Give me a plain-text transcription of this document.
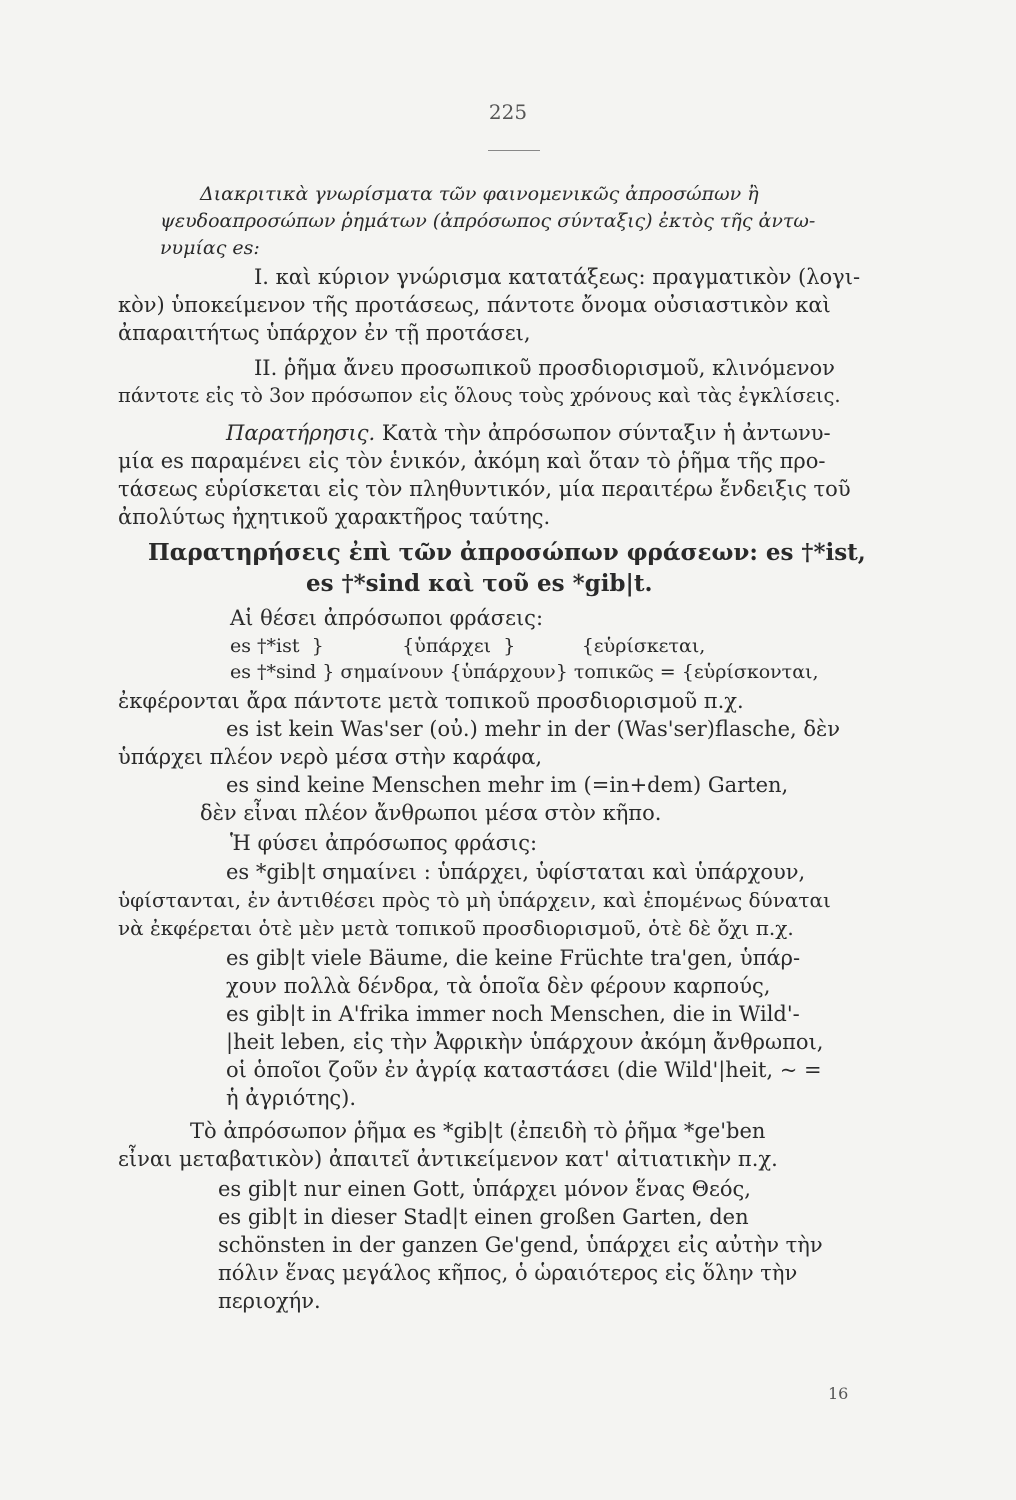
225
Διακριτικὰ γνωρίσματα τῶν φαινομενικῶς ἀπροσώπων ἢ
ψευδοαπροσώπων ῥημάτων (ἀπρόσωπος σύνταξις) ἐκτὸς τῆς ἀντω-
νυμίας es:
I. καὶ κύριον γνώρισμα κατατάξεως: πραγματικὸν (λογι-
κὸν) ὑποκείμενον τῆς προτάσεως, πάντοτε ὄνομα οὐσιαστικὸν καὶ
ἀπαραιτήτως ὑπάρχον ἐν τῇ προτάσει,
II. ῥῆμα ἄνευ προσωπικοῦ προσδιορισμοῦ, κλινόμενον
πάντοτε εἰς τὸ 3ον πρόσωπον εἰς ὅλους τοὺς χρόνους καὶ τὰς ἐγκλίσεις.
Παρατήρησις. Κατὰ τὴν ἀπρόσωπον σύνταξιν ἡ ἀντωνυ-
μία es παραμένει εἰς τὸν ἑνικόν, ἀκόμη καὶ ὅταν τὸ ῥῆμα τῆς προ-
τάσεως εὑρίσκεται εἰς τὸν πληθυντικόν, μία περαιτέρω ἔνδειξις τοῦ
ἀπολύτως ἠχητικοῦ χαρακτῆρος ταύτης.
Παρατηρήσεις ἐπὶ τῶν ἀπροσώπων φράσεων: es †*ist,
es †*sind καὶ τοῦ es *gib|t.
Αἱ θέσει ἀπρόσωποι φράσεις:
es †*ist  }             {ὑπάρχει  }           {εὑρίσκεται,
es †*sind } σημαίνουν {ὑπάρχουν} τοπικῶς = {εὑρίσκονται,
ἐκφέρονται ἄρα πάντοτε μετὰ τοπικοῦ προσδιορισμοῦ π.χ.
es ist kein Was'ser (οὐ.) mehr in der (Was'ser)flasche, δὲν
ὑπάρχει πλέον νερὸ μέσα στὴν καράφα,
es sind keine Menschen mehr im (=in+dem) Garten,
δὲν εἶναι πλέον ἄνθρωποι μέσα στὸν κῆπο.
Ἡ φύσει ἀπρόσωπος φράσις:
es *gib|t σημαίνει : ὑπάρχει, ὑφίσταται καὶ ὑπάρχουν,
ὑφίστανται, ἐν ἀντιθέσει πρὸς τὸ μὴ ὑπάρχειν, καὶ ἑπομένως δύναται
νὰ ἐκφέρεται ὁτὲ μὲν μετὰ τοπικοῦ προσδιορισμοῦ, ὁτὲ δὲ ὄχι π.χ.
es gib|t viele Bäume, die keine Früchte tra'gen, ὑπάρ-
χουν πολλὰ δένδρα, τὰ ὁποῖα δὲν φέρουν καρπούς,
es gib|t in A'frika immer noch Menschen, die in Wild'-
|heit leben, εἰς τὴν Ἀφρικὴν ὑπάρχουν ἀκόμη ἄνθρωποι,
οἱ ὁποῖοι ζοῦν ἐν ἀγρίᾳ καταστάσει (die Wild'|heit, ~ =
ἡ ἀγριότης).
Τὸ ἀπρόσωπον ῥῆμα es *gib|t (ἐπειδὴ τὸ ῥῆμα *ge'ben
εἶναι μεταβατικὸν) ἀπαιτεῖ ἀντικείμενον κατ' αἰτιατικὴν π.χ.
es gib|t nur einen Gott, ὑπάρχει μόνον ἕνας Θεός,
es gib|t in dieser Stad|t einen großen Garten, den
schönsten in der ganzen Ge'gend, ὑπάρχει εἰς αὐτὴν τὴν
πόλιν ἕνας μεγάλος κῆπος, ὁ ὡραιότερος εἰς ὅλην τὴν
περιοχήν.
16
